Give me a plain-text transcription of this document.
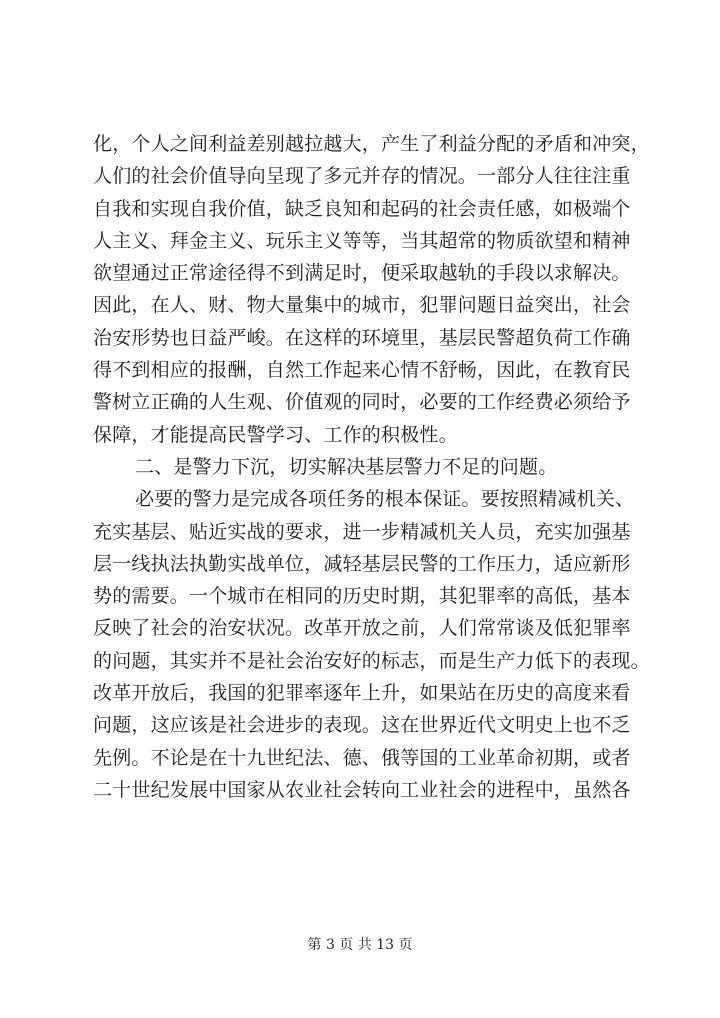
化，个人之间利益差别越拉越大，产生了利益分配的矛盾和冲突，
人们的社会价值导向呈现了多元并存的情况。一部分人往往注重
自我和实现自我价值，缺乏良知和起码的社会责任感，如极端个
人主义、拜金主义、玩乐主义等等，当其超常的物质欲望和精神
欲望通过正常途径得不到满足时，便采取越轨的手段以求解决。
因此，在人、财、物大量集中的城市，犯罪问题日益突出，社会
治安形势也日益严峻。在这样的环境里，基层民警超负荷工作确
得不到相应的报酬，自然工作起来心情不舒畅，因此，在教育民
警树立正确的人生观、价值观的同时，必要的工作经费必须给予
保障，才能提高民警学习、工作的积极性。
二、是警力下沉，切实解决基层警力不足的问题。
必要的警力是完成各项任务的根本保证。要按照精减机关、
充实基层、贴近实战的要求，进一步精减机关人员，充实加强基
层一线执法执勤实战单位，减轻基层民警的工作压力，适应新形
势的需要。一个城市在相同的历史时期，其犯罪率的高低，基本
反映了社会的治安状况。改革开放之前，人们常常谈及低犯罪率
的问题，其实并不是社会治安好的标志，而是生产力低下的表现。
改革开放后，我国的犯罪率逐年上升，如果站在历史的高度来看
问题，这应该是社会进步的表现。这在世界近代文明史上也不乏
先例。不论是在十九世纪法、德、俄等国的工业革命初期，或者
二十世纪发展中国家从农业社会转向工业社会的进程中，虽然各
第 3 页 共 13 页
